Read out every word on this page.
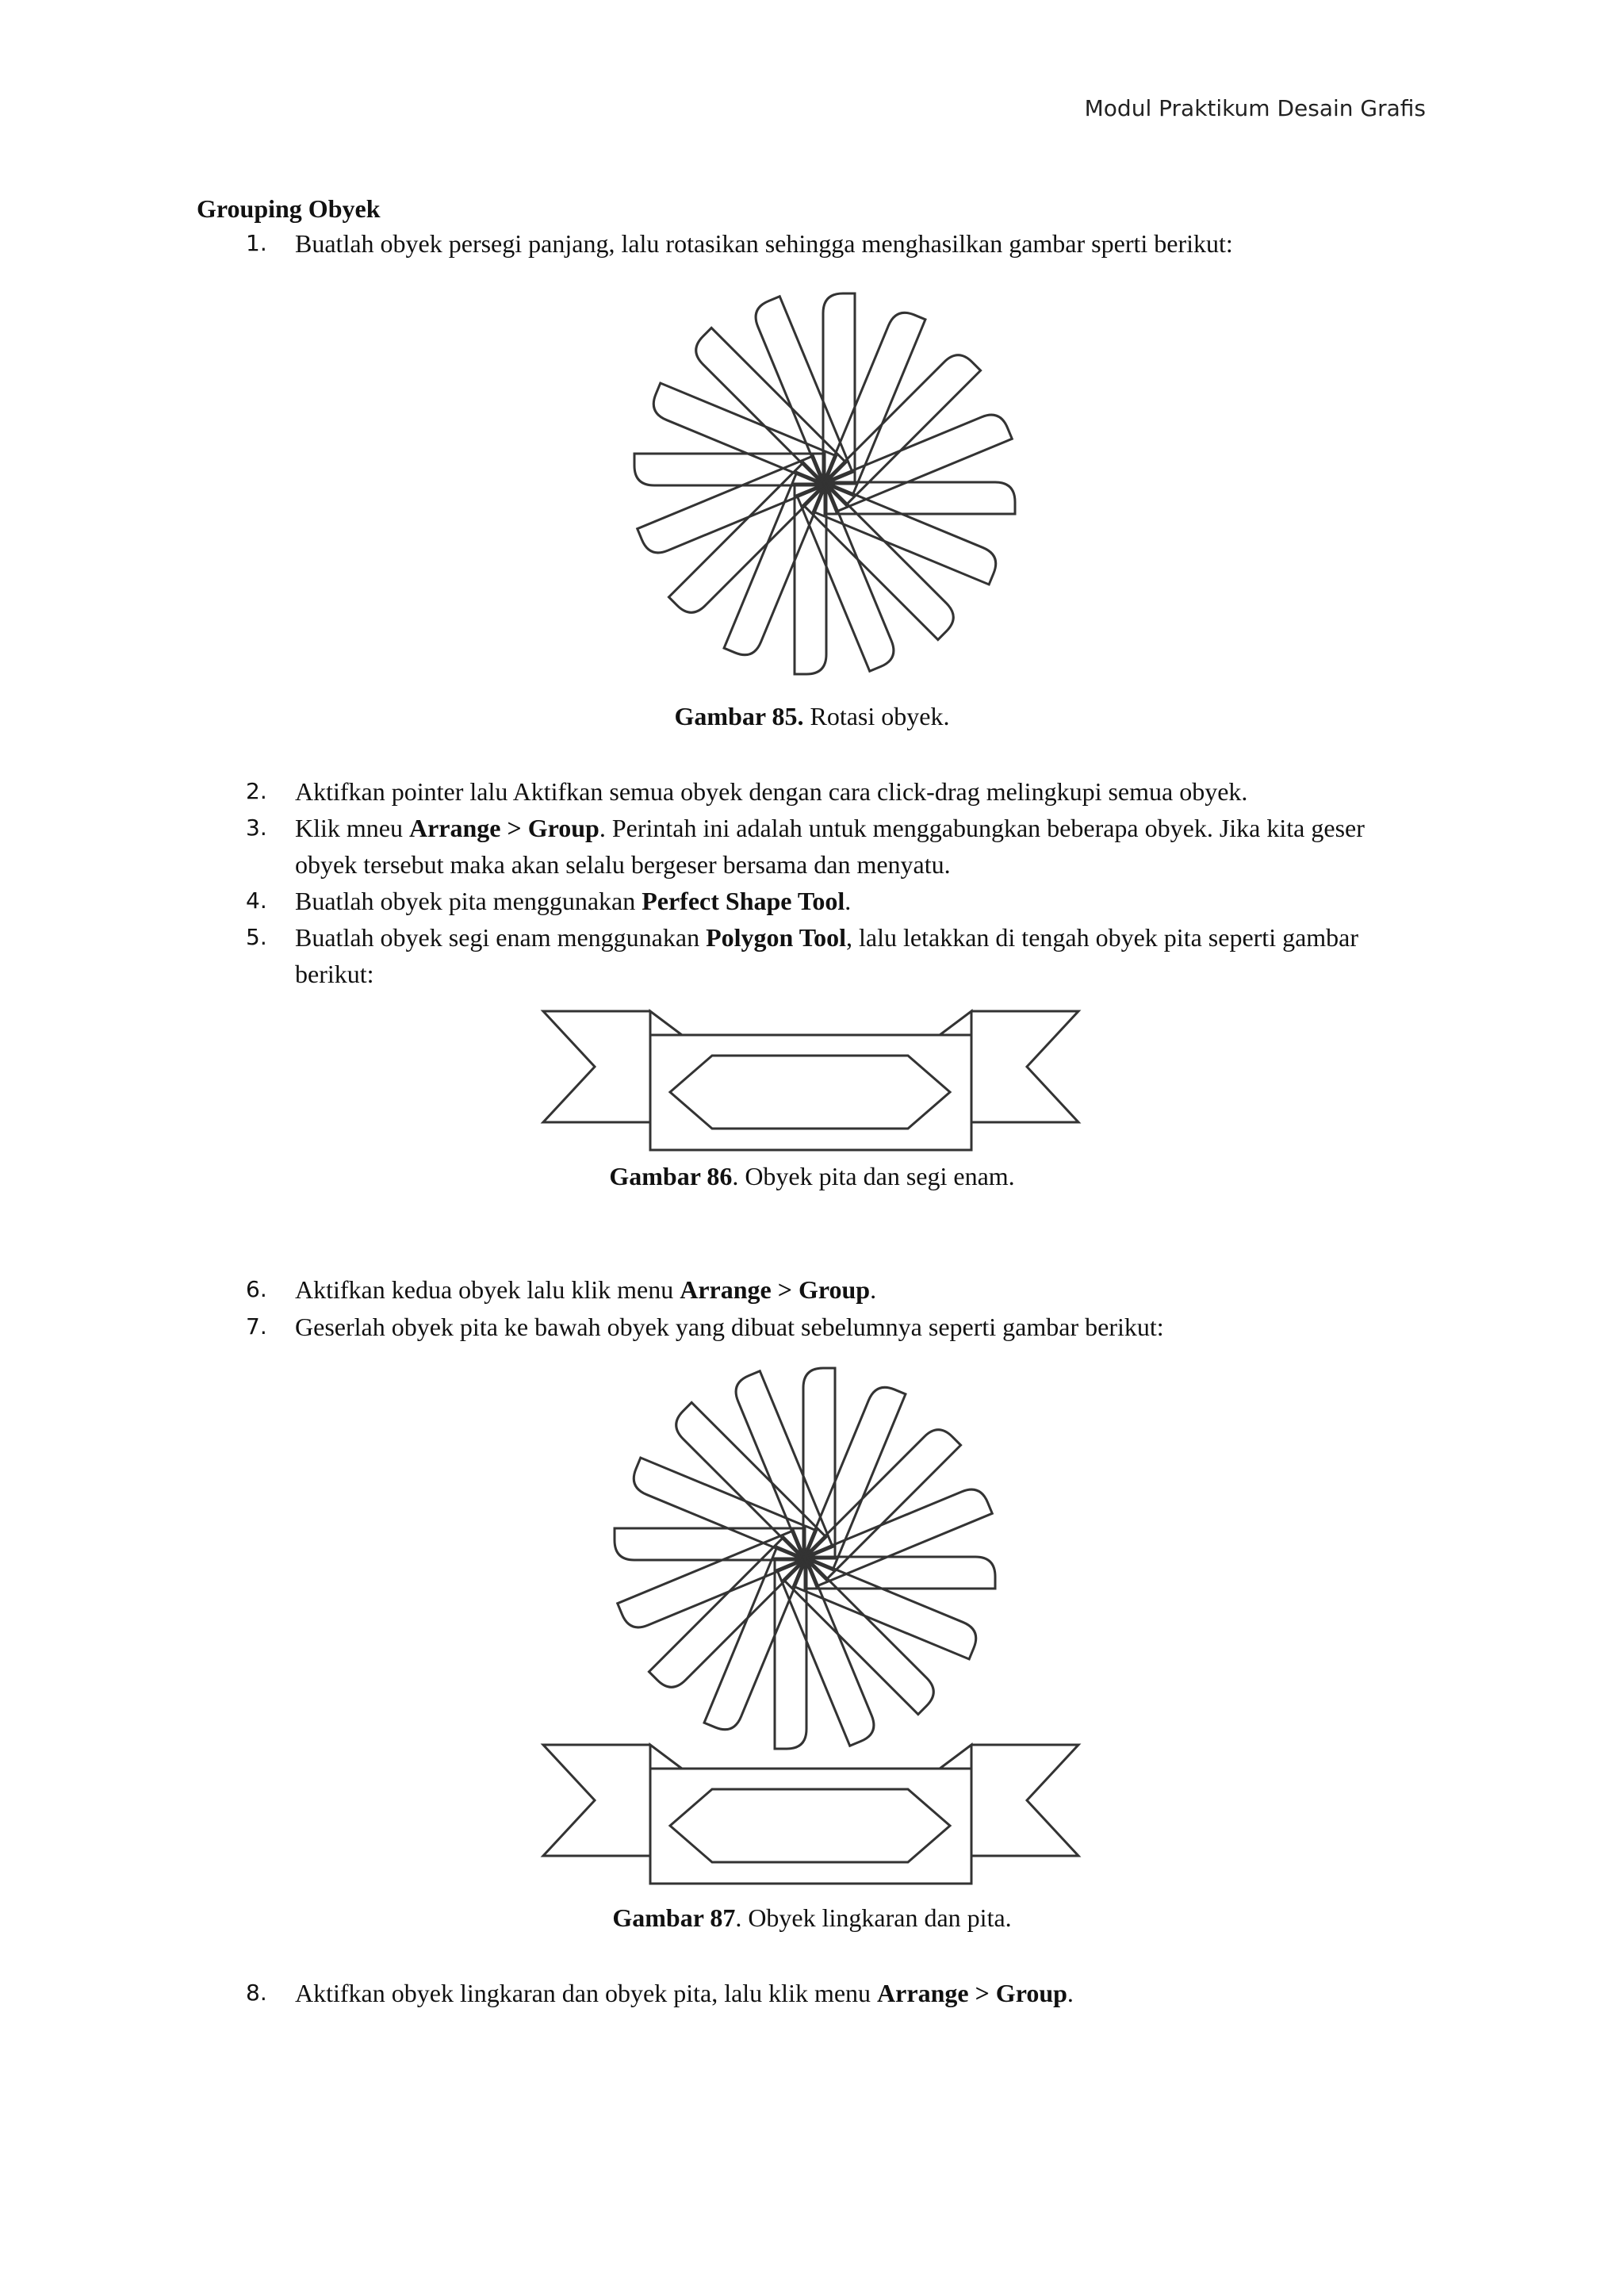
Modul Praktikum Desain Grafis
Grouping Obyek
1. Buatlah obyek persegi panjang, lalu rotasikan sehingga menghasilkan gambar sperti berikut:
Gambar 85. Rotasi obyek.
2. Aktifkan pointer lalu Aktifkan semua obyek dengan cara click-drag melingkupi semua obyek.
3. Klik mneu Arrange > Group. Perintah ini adalah untuk menggabungkan beberapa obyek. Jika kita geser obyek tersebut maka akan selalu bergeser bersama dan menyatu.
4. Buatlah obyek pita menggunakan Perfect Shape Tool.
5. Buatlah obyek segi enam menggunakan Polygon Tool, lalu letakkan di tengah obyek pita seperti gambar berikut:
Gambar 86. Obyek pita dan segi enam.
6. Aktifkan kedua obyek lalu klik menu Arrange > Group.
7. Geserlah obyek pita ke bawah obyek yang dibuat sebelumnya seperti gambar berikut:
Gambar 87. Obyek lingkaran dan pita.
8. Aktifkan obyek lingkaran dan obyek pita, lalu klik menu Arrange > Group.
